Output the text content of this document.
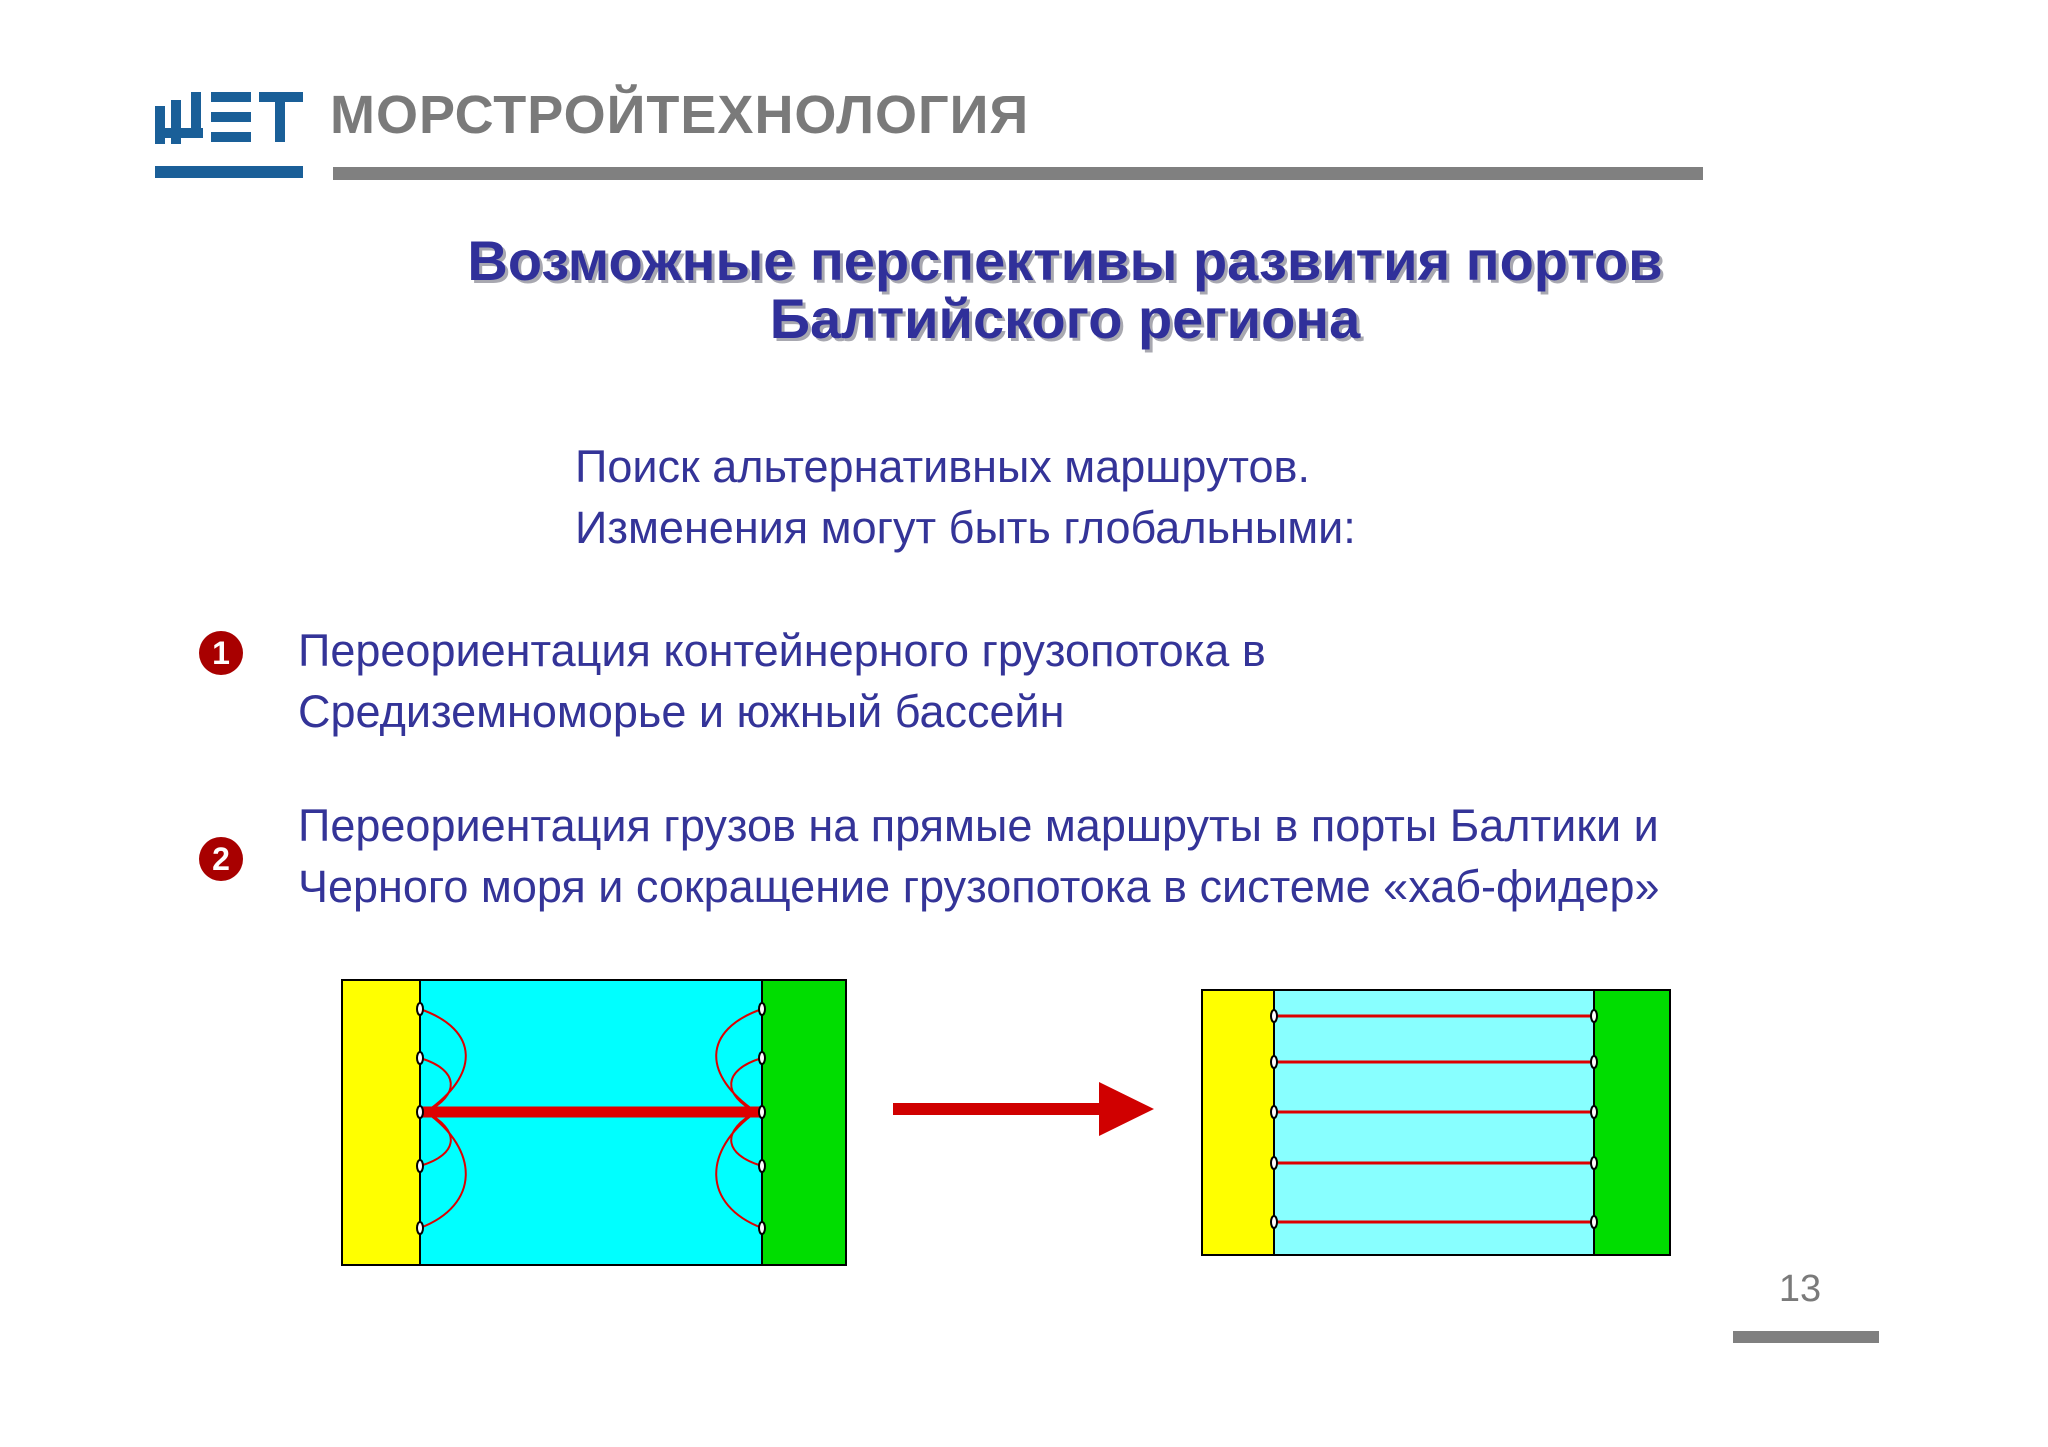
МОРСТРОЙТЕХНОЛОГИЯ
Возможные перспективы развития портов
Балтийского региона
Поиск альтернативных маршрутов.
Изменения могут быть глобальными:
1 Переориентация контейнерного грузопотока в
Средиземноморье и южный бассейн
2
Переориентация грузов на прямые маршруты в порты Балтики и
Черного моря и сокращение грузопотока в системе «хаб-фидер»
13
